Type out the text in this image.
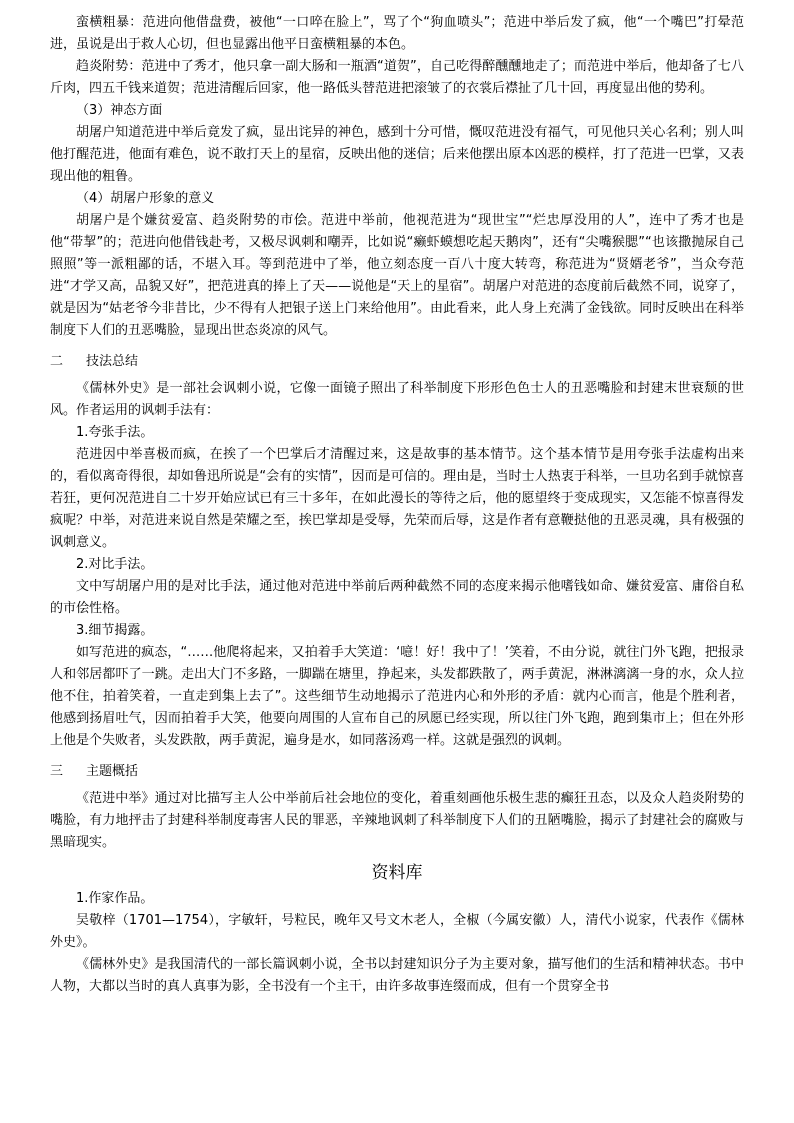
蛮横粗暴：范进向他借盘费，被他“一口啐在脸上”，骂了个“狗血喷头”；范进中举后发了疯，他“一个嘴巴”打晕范进，虽说是出于救人心切，但也显露出他平日蛮横粗暴的本色。

趋炎附势：范进中了秀才，他只拿一副大肠和一瓶酒“道贺”，自己吃得醉醺醺地走了；而范进中举后，他却备了七八斤肉，四五千钱来道贺；范进清醒后回家，他一路低头替范进把滚皱了的衣裳后襟扯了几十回，再度显出他的势利。

（3）神态方面

胡屠户知道范进中举后竟发了疯，显出诧异的神色，感到十分可惜，慨叹范进没有福气，可见他只关心名利；别人叫他打醒范进，他面有难色，说不敢打天上的星宿，反映出他的迷信；后来他摆出原本凶恶的模样，打了范进一巴掌，又表现出他的粗鲁。

（4）胡屠户形象的意义

胡屠户是个嫌贫爱富、趋炎附势的市侩。范进中举前，他视范进为“现世宝”“烂忠厚没用的人”，连中了秀才也是他“带挈”的；范进向他借钱赴考，又极尽讽刺和嘲弄，比如说“癞虾蟆想吃起天鹅肉”，还有“尖嘴猴腮”“也该撒抛尿自己照照”等一派粗鄙的话，不堪入耳。等到范进中了举，他立刻态度一百八十度大转弯，称范进为“贤婿老爷”，当众夸范进“才学又高，品貌又好”，把范进真的捧上了天——说他是“天上的星宿”。胡屠户对范进的态度前后截然不同，说穿了，就是因为“姑老爷今非昔比，少不得有人把银子送上门来给他用”。由此看来，此人身上充满了金钱欲。同时反映出在科举制度下人们的丑恶嘴脸，显现出世态炎凉的风气。

二 技法总结

《儒林外史》是一部社会讽刺小说，它像一面镜子照出了科举制度下形形色色士人的丑恶嘴脸和封建末世衰颓的世风。作者运用的讽刺手法有：

1.夸张手法。

范进因中举喜极而疯，在挨了一个巴掌后才清醒过来，这是故事的基本情节。这个基本情节是用夸张手法虚构出来的，看似离奇得很，却如鲁迅所说是“会有的实情”，因而是可信的。理由是，当时士人热衷于科举，一旦功名到手就惊喜若狂，更何况范进自二十岁开始应试已有三十多年，在如此漫长的等待之后，他的愿望终于变成现实，又怎能不惊喜得发疯呢？中举，对范进来说自然是荣耀之至，挨巴掌却是受辱，先荣而后辱，这是作者有意鞭挞他的丑恶灵魂，具有极强的讽刺意义。

2.对比手法。

文中写胡屠户用的是对比手法，通过他对范进中举前后两种截然不同的态度来揭示他嗜钱如命、嫌贫爱富、庸俗自私的市侩性格。

3.细节揭露。

如写范进的疯态，“……他爬将起来，又拍着手大笑道：‘噫！好！我中了！’笑着，不由分说，就往门外飞跑，把报录人和邻居都吓了一跳。走出大门不多路，一脚踹在塘里，挣起来，头发都跌散了，两手黄泥，淋淋漓漓一身的水，众人拉他不住，拍着笑着，一直走到集上去了”。这些细节生动地揭示了范进内心和外形的矛盾：就内心而言，他是个胜利者，他感到扬眉吐气，因而拍着手大笑，他要向周围的人宣布自己的夙愿已经实现，所以往门外飞跑，跑到集市上；但在外形上他是个失败者，头发跌散，两手黄泥，遍身是水，如同落汤鸡一样。这就是强烈的讽刺。

三 主题概括

《范进中举》通过对比描写主人公中举前后社会地位的变化，着重刻画他乐极生悲的癫狂丑态，以及众人趋炎附势的嘴脸，有力地抨击了封建科举制度毒害人民的罪恶，辛辣地讽刺了科举制度下人们的丑陋嘴脸，揭示了封建社会的腐败与黑暗现实。

资料库

1.作家作品。

吴敬梓（1701—1754），字敏轩，号粒民，晚年又号文木老人，全椒（今属安徽）人，清代小说家，代表作《儒林外史》。

《儒林外史》是我国清代的一部长篇讽刺小说，全书以封建知识分子为主要对象，描写他们的生活和精神状态。书中人物，大都以当时的真人真事为影，全书没有一个主干，由许多故事连缀而成，但有一个贯穿全书
